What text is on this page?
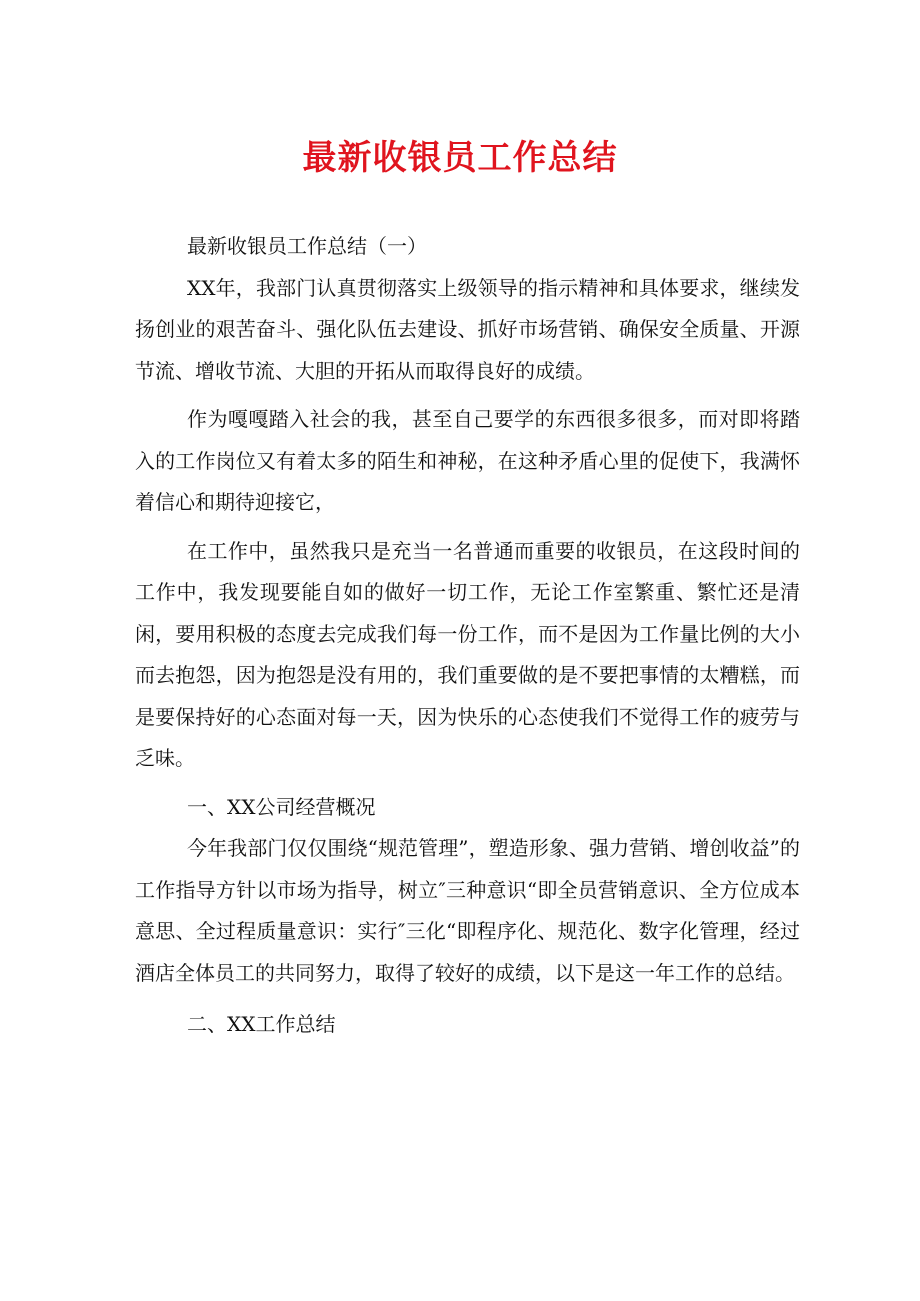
最新收银员工作总结

最新收银员工作总结（一）

XX年，我部门认真贯彻落实上级领导的指示精神和具体要求，继续发扬创业的艰苦奋斗、强化队伍去建设、抓好市场营销、确保安全质量、开源节流、增收节流、大胆的开拓从而取得良好的成绩。

作为嘎嘎踏入社会的我，甚至自己要学的东西很多很多，而对即将踏入的工作岗位又有着太多的陌生和神秘，在这种矛盾心里的促使下，我满怀着信心和期待迎接它，

在工作中，虽然我只是充当一名普通而重要的收银员，在这段时间的工作中，我发现要能自如的做好一切工作，无论工作室繁重、繁忙还是清闲，要用积极的态度去完成我们每一份工作，而不是因为工作量比例的大小而去抱怨，因为抱怨是没有用的，我们重要做的是不要把事情的太糟糕，而是要保持好的心态面对每一天，因为快乐的心态使我们不觉得工作的疲劳与乏味。

一、XX公司经营概况

今年我部门仅仅围绕“规范管理”，塑造形象、强力营销、增创收益”的工作指导方针以市场为指导，树立″三种意识“即全员营销意识、全方位成本意思、全过程质量意识：实行″三化“即程序化、规范化、数字化管理，经过酒店全体员工的共同努力，取得了较好的成绩，以下是这一年工作的总结。

二、XX工作总结
